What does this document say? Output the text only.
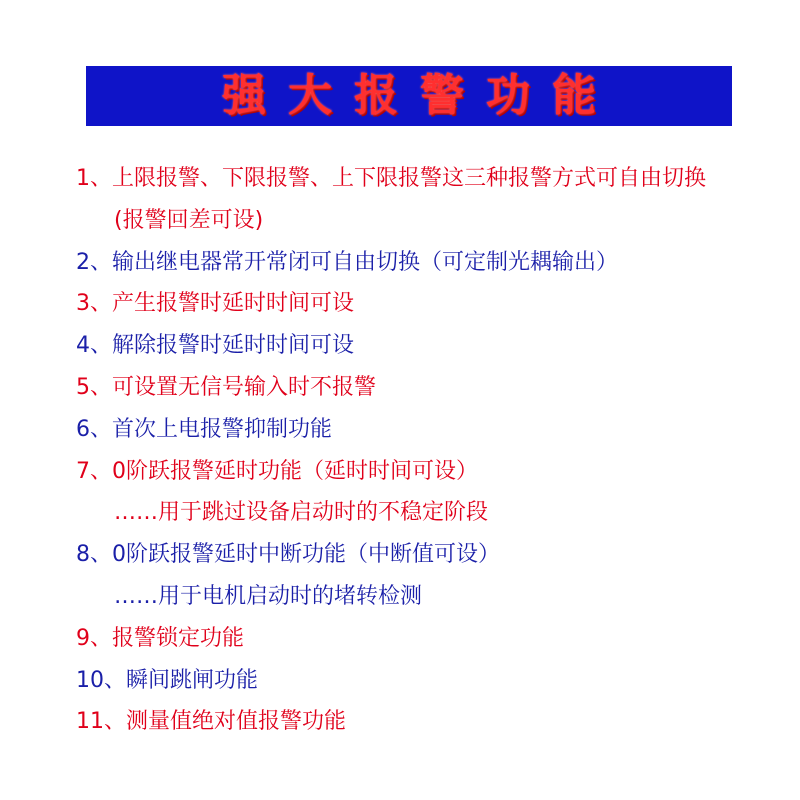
强大报警功能
1、上限报警、下限报警、上下限报警这三种报警方式可自由切换
(报警回差可设)
2、输出继电器常开常闭可自由切换（可定制光耦输出）
3、产生报警时延时时间可设
4、解除报警时延时时间可设
5、可设置无信号输入时不报警
6、首次上电报警抑制功能
7、0阶跃报警延时功能（延时时间可设）
……用于跳过设备启动时的不稳定阶段
8、0阶跃报警延时中断功能（中断值可设）
……用于电机启动时的堵转检测
9、报警锁定功能
10、瞬间跳闸功能
11、测量值绝对值报警功能
